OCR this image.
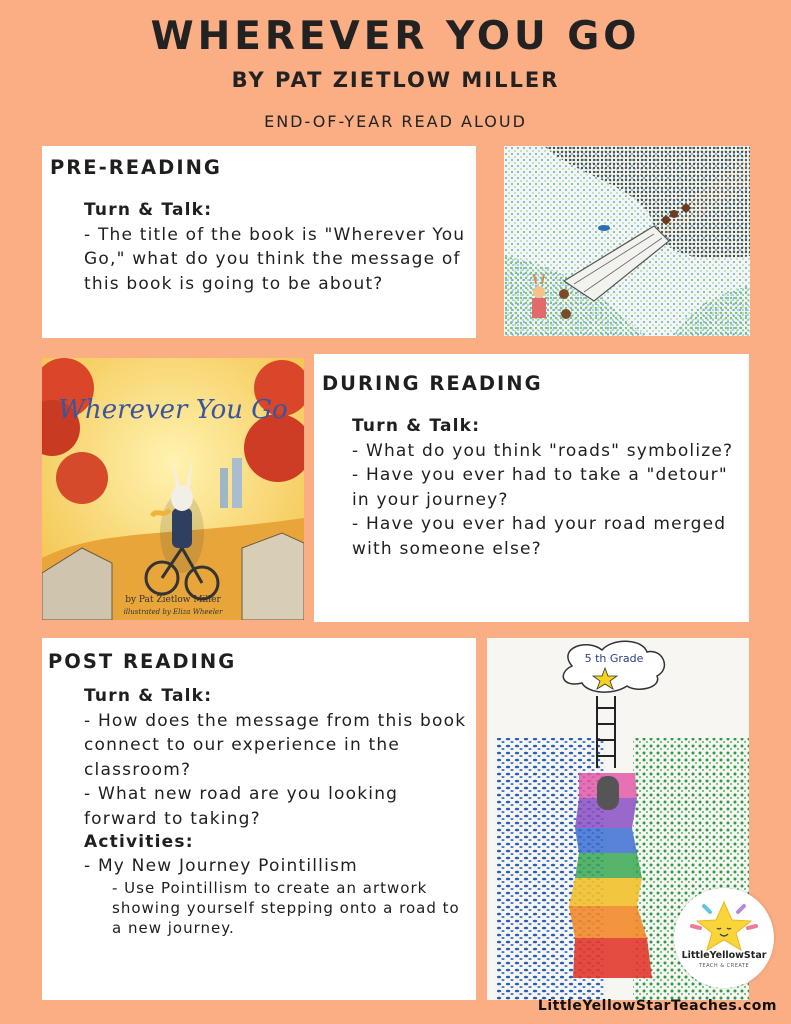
WHEREVER YOU GO
BY PAT ZIETLOW MILLER
END-OF-YEAR READ ALOUD
PRE-READING
Turn & Talk:
- The title of the book is "Wherever You Go," what do you think the message of this book is going to be about?
Wherever You Go
by Pat Zietlow Miller
illustrated by Eliza Wheeler
DURING READING
Turn & Talk:
- What do you think "roads" symbolize?
- Have you ever had to take a "detour" in your journey?
- Have you ever had your road merged with someone else?
POST READING
Turn & Talk:
- How does the message from this book connect to our experience in the classroom?
- What new road are you looking forward to taking?
Activities:
- My New Journey Pointillism
- Use Pointillism to create an artwork showing yourself stepping onto a road to a new journey.
5 th Grade
LittleYellowStar
TEACH & CREATE
LittleYellowStarTeaches.com
